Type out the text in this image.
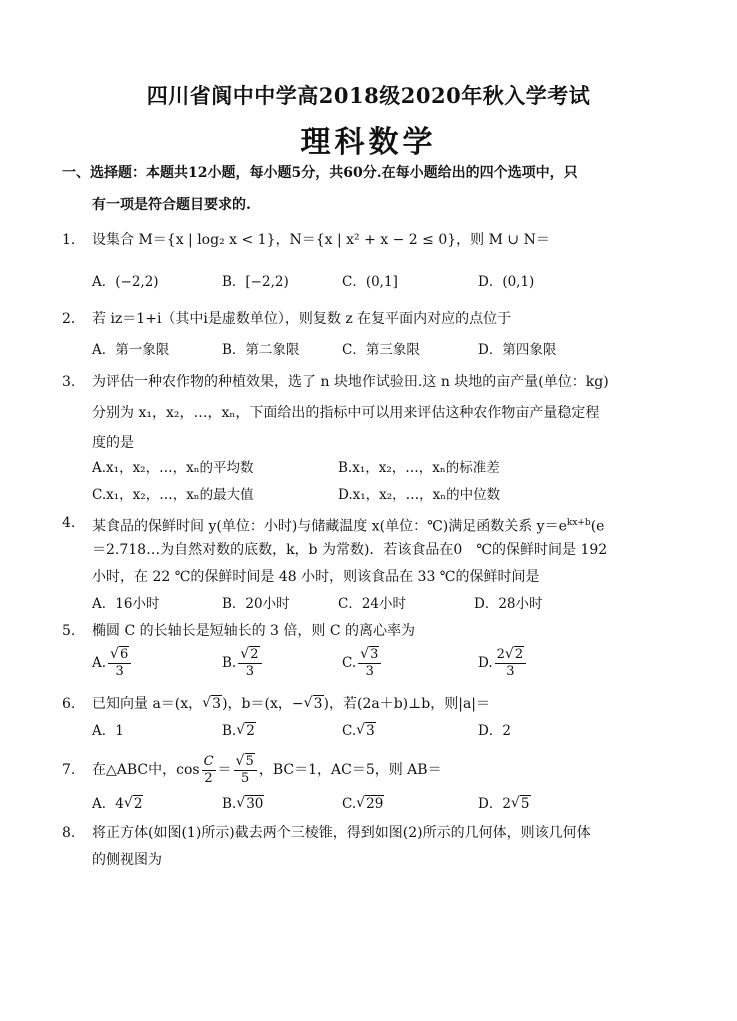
四川省阆中中学高2018级2020年秋入学考试
理科数学
一、选择题：本题共12小题，每小题5分，共60分.在每小题给出的四个选项中，只
有一项是符合题目要求的.
1． 设集合 M＝{x | log₂ x < 1}，N＝{x | x² + x − 2 ≤ 0}，则 M ∪ N＝
A．(−2,2)	B．[−2,2)	C．(0,1]	D．(0,1)
2． 若 iz＝1+i（其中i是虚数单位），则复数 z 在复平面内对应的点位于
A．第一象限	B．第二象限	C．第三象限	D．第四象限
3. 为评估一种农作物的种植效果，选了 n 块地作试验田.这 n 块地的亩产量(单位：kg)
分别为 x₁，x₂，…，xₙ，下面给出的指标中可以用来评估这种农作物亩产量稳定程
度的是
A.x₁，x₂，…，xₙ的平均数	B.x₁，x₂，…，xₙ的标准差
C.x₁，x₂，…，xₙ的最大值	D.x₁，x₂，…，xₙ的中位数
4. 某食品的保鲜时间 y(单位：小时)与储藏温度 x(单位：℃)满足函数关系 $y=e^{kx+b}(e$
＝2.718…为自然对数的底数，k，b 为常数)．若该食品在0　℃的保鲜时间是 192
小时，在 22 ℃的保鲜时间是 48 小时，则该食品在 33 ℃的保鲜时间是
A．16小时	B．20小时	C．24小时	D．28小时
5. 椭圆 C 的长轴长是短轴长的 3 倍，则 C 的离心率为
A. $\frac{√ 6}{3}$	B. $\frac{√ 2}{3}$	C. $\frac{√ 3}{3}$	D. $\frac{2 √ 2}{3}$
6. 已知向量 a＝(x， √ 3)，b＝(x，− √ 3)，若(2a＋b)⊥b，则|a|＝
A．1	B. √ 2	C. √ 3	D．2
7. 在△ABC中，$\cos \frac{C}{2} = \frac{√ 5}{5}$ ，BC＝1，AC＝5，则 AB＝
A．4 √ 2	B. √ 30	C. √ 29	D．2 √ 5
8. 将正方体(如图(1)所示)截去两个三棱锥，得到如图(2)所示的几何体，则该几何体
的侧视图为
